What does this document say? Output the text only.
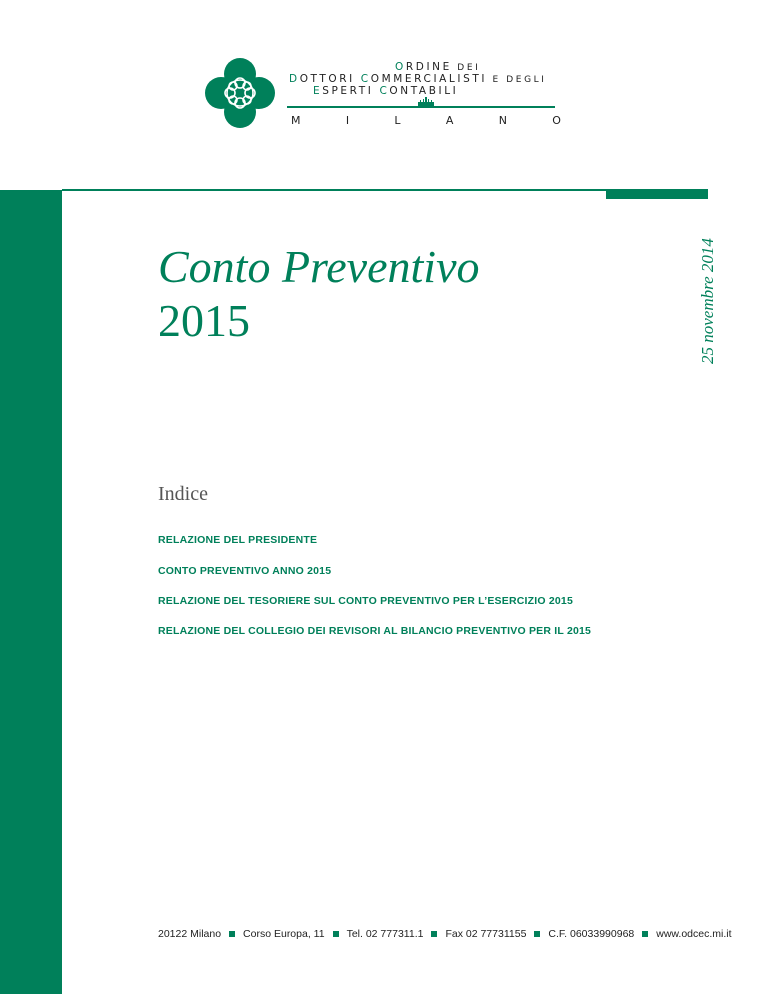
ORDINE DEI
DOTTORI COMMERCIALISTI E DEGLI
ESPERTI CONTABILI
M	I	L	A	N	O
Conto Preventivo
2015	25 novembre 2014
Indice
RELAZIONE DEL PRESIDENTE
CONTO PREVENTIVO ANNO 2015
RELAZIONE DEL TESORIERE SUL CONTO PREVENTIVO PER L’ESERCIZIO 2015
RELAZIONE DEL COLLEGIO DEI REVISORI AL BILANCIO PREVENTIVO PER IL 2015
20122 Milano Corso Europa, 11 Tel. 02 777311.1 Fax 02 77731155 C.F. 06033990968 www.odcec.mi.it
